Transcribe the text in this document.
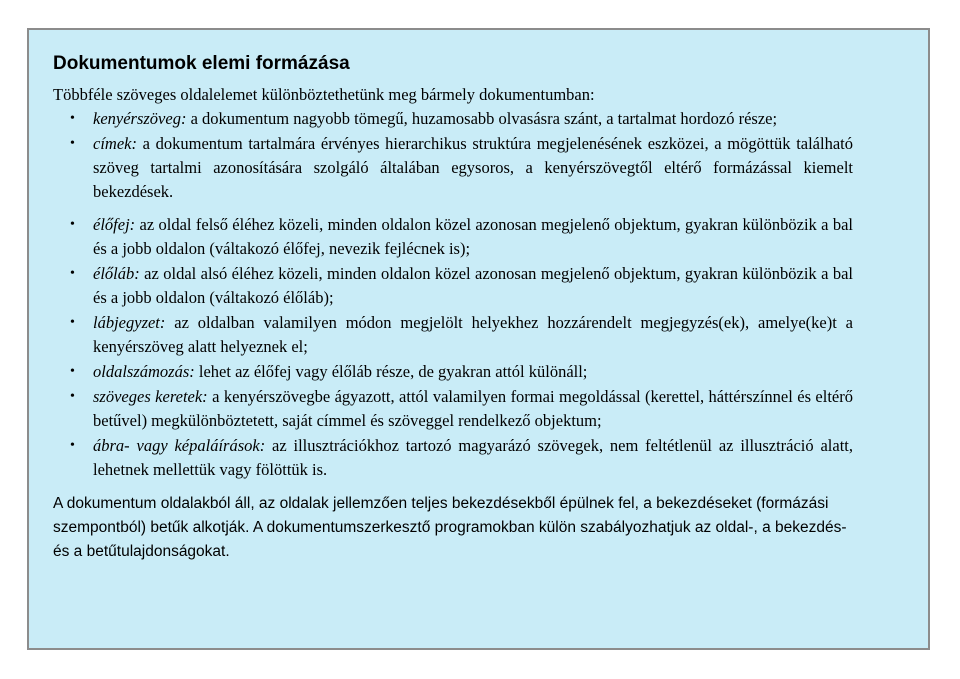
Dokumentumok elemi formázása

Többféle szöveges oldalelemet különböztethetünk meg bármely dokumentumban:

• kenyérszöveg: a dokumentum nagyobb tömegű, huzamosabb olvasásra szánt, a tartalmat hordozó része;
• címek: a dokumentum tartalmára érvényes hierarchikus struktúra megjelenésének eszközei, a mögöttük található szöveg tartalmi azonosítására szolgáló általában egysoros, a kenyérszövegtől eltérő formázással kiemelt bekezdések.
• élőfej: az oldal felső éléhez közeli, minden oldalon közel azonosan megjelenő objektum, gyakran különbözik a bal és a jobb oldalon (váltakozó élőfej, nevezik fejlécnek is);
• élőláb: az oldal alsó éléhez közeli, minden oldalon közel azonosan megjelenő objektum, gyakran különbözik a bal és a jobb oldalon (váltakozó élőláb);
• lábjegyzet: az oldalban valamilyen módon megjelölt helyekhez hozzárendelt megjegyzés(ek), amelye(ke)t a kenyérszöveg alatt helyeznek el;
• oldalszámozás: lehet az élőfej vagy élőláb része, de gyakran attól különáll;
• szöveges keretek: a kenyérszövegbe ágyazott, attól valamilyen formai megoldással (kerettel, háttérszínnel és eltérő betűvel) megkülönböztetett, saját címmel és szöveggel rendelkező objektum;
• ábra- vagy képaláírások: az illusztrációkhoz tartozó magyarázó szövegek, nem feltétlenül az illusztráció alatt, lehetnek mellettük vagy fölöttük is.

A dokumentum oldalakból áll, az oldalak jellemzően teljes bekezdésekből épülnek fel, a bekezdéseket (formázási szempontból) betűk alkotják. A dokumentumszerkesztő programokban külön szabályozhatjuk az oldal-, a bekezdés- és a betűtulajdonságokat.
